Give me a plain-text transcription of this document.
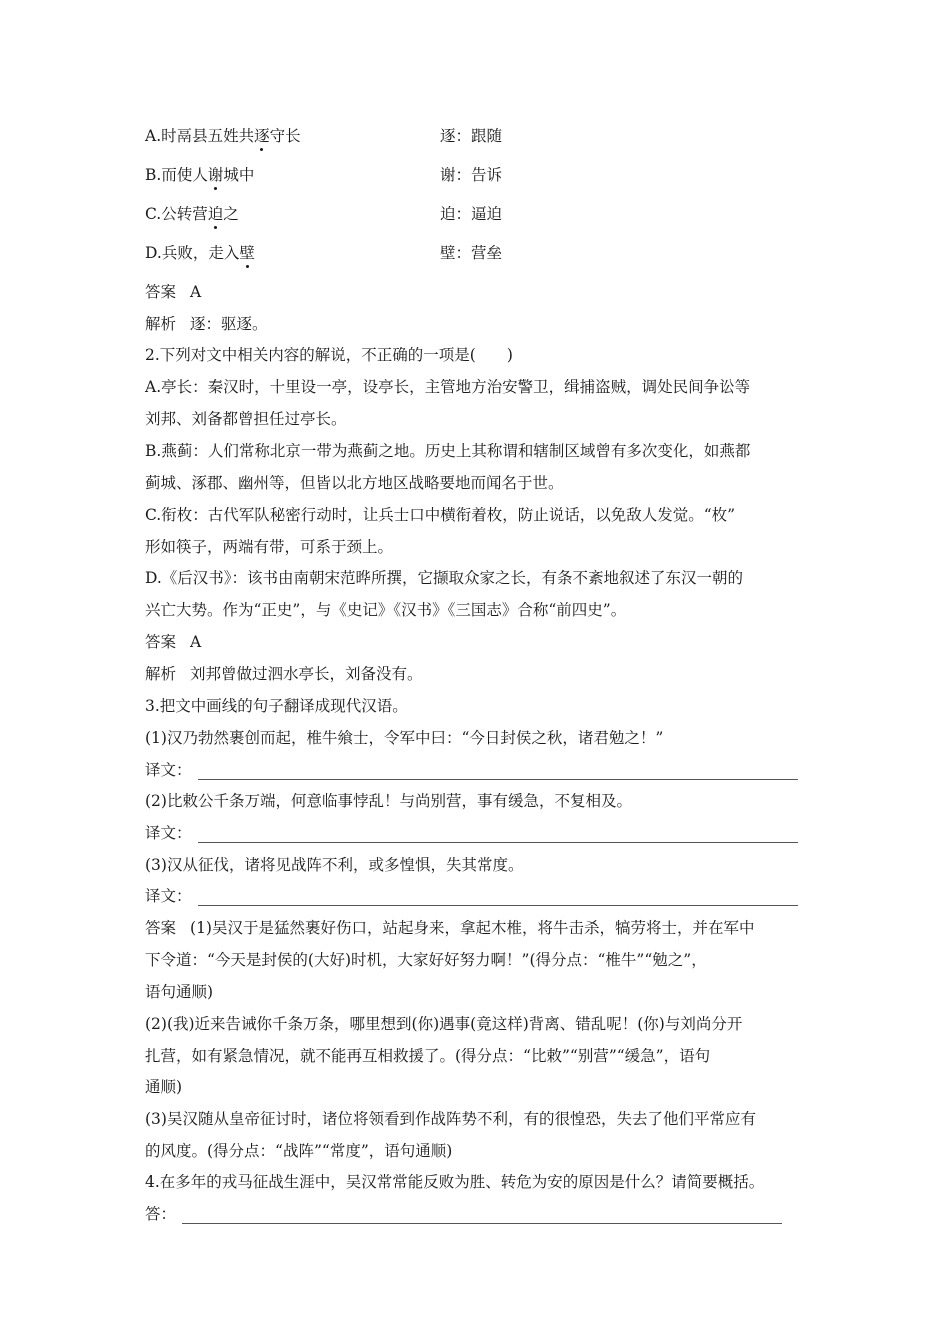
A.时鬲县五姓共逐守长	逐：跟随
B.而使人谢城中	谢：告诉
C.公转营迫之	迫：逼迫
D.兵败，走入壁	壁：营垒
答案 A
解析 逐：驱逐。
2.下列对文中相关内容的解说，不正确的一项是(　　)
A.亭长：秦汉时，十里设一亭，设亭长，主管地方治安警卫，缉捕盗贼，调处民间争讼等
刘邦、刘备都曾担任过亭长。
B.燕蓟：人们常称北京一带为燕蓟之地。历史上其称谓和辖制区域曾有多次变化，如燕都
蓟城、涿郡、幽州等，但皆以北方地区战略要地而闻名于世。
C.衔枚：古代军队秘密行动时，让兵士口中横衔着枚，防止说话，以免敌人发觉。“枚”
形如筷子，两端有带，可系于颈上。
D.《后汉书》：该书由南朝宋范晔所撰，它撷取众家之长，有条不紊地叙述了东汉一朝的
兴亡大势。作为“正史”，与《史记》《汉书》《三国志》合称“前四史”。
答案 A
解析 刘邦曾做过泗水亭长，刘备没有。
3.把文中画线的句子翻译成现代汉语。
(1)汉乃勃然裹创而起，椎牛飨士，令军中曰：“今日封侯之秋，诸君勉之！”
译文：
(2)比敕公千条万端，何意临事悖乱！与尚别营，事有缓急，不复相及。
译文：
(3)汉从征伐，诸将见战阵不利，或多惶惧，失其常度。
译文：
答案 (1)吴汉于是猛然裹好伤口，站起身来，拿起木椎，将牛击杀，犒劳将士，并在军中
下令道：“今天是封侯的(大好)时机，大家好好努力啊！”(得分点：“椎牛”“勉之”，
语句通顺)
(2)(我)近来告诫你千条万条，哪里想到(你)遇事(竟这样)背离、错乱呢！(你)与刘尚分开
扎营，如有紧急情况，就不能再互相救援了。(得分点：“比敕”“别营”“缓急”，语句
通顺)
(3)吴汉随从皇帝征讨时，诸位将领看到作战阵势不利，有的很惶恐，失去了他们平常应有
的风度。(得分点：“战阵”“常度”，语句通顺)
4.在多年的戎马征战生涯中，吴汉常常能反败为胜、转危为安的原因是什么？请简要概括。
答：
